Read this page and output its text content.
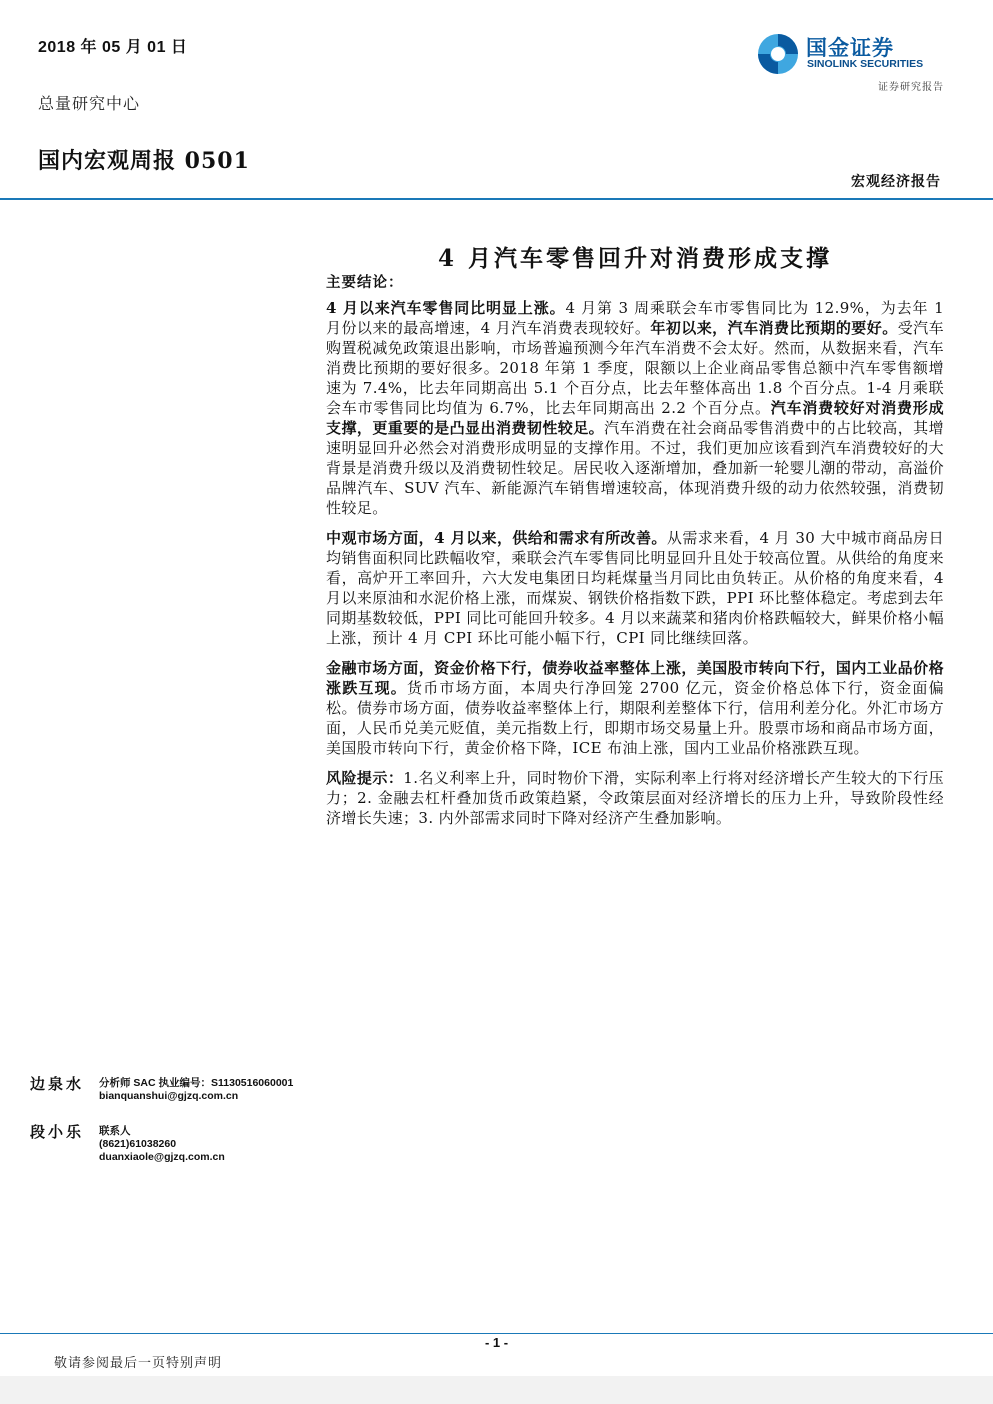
2018 年 05 月 01 日
总量研究中心
国内宏观周报 0501
宏观经济报告
国金证券
SINOLINK SECURITIES
证券研究报告
4 月汽车零售回升对消费形成支撑
主要结论：

4 月以来汽车零售同比明显上涨。4 月第 3 周乘联会车市零售同比为 12.9%，为去年 1 月份以来的最高增速，4 月汽车消费表现较好。年初以来，汽车消费比预期的要好。受汽车购置税减免政策退出影响，市场普遍预测今年汽车消费不会太好。然而，从数据来看，汽车消费比预期的要好很多。2018 年第 1 季度，限额以上企业商品零售总额中汽车零售额增速为 7.4%，比去年同期高出 5.1 个百分点，比去年整体高出 1.8 个百分点。1-4 月乘联会车市零售同比均值为 6.7%，比去年同期高出 2.2 个百分点。汽车消费较好对消费形成支撑，更重要的是凸显出消费韧性较足。汽车消费在社会商品零售消费中的占比较高，其增速明显回升必然会对消费形成明显的支撑作用。不过，我们更加应该看到汽车消费较好的大背景是消费升级以及消费韧性较足。居民收入逐渐增加，叠加新一轮婴儿潮的带动，高溢价品牌汽车、SUV 汽车、新能源汽车销售增速较高，体现消费升级的动力依然较强，消费韧性较足。

中观市场方面，4 月以来，供给和需求有所改善。从需求来看，4 月 30 大中城市商品房日均销售面积同比跌幅收窄，乘联会汽车零售同比明显回升且处于较高位置。从供给的角度来看，高炉开工率回升，六大发电集团日均耗煤量当月同比由负转正。从价格的角度来看，4 月以来原油和水泥价格上涨，而煤炭、钢铁价格指数下跌，PPI 环比整体稳定。考虑到去年同期基数较低，PPI 同比可能回升较多。4 月以来蔬菜和猪肉价格跌幅较大，鲜果价格小幅上涨，预计 4 月 CPI 环比可能小幅下行，CPI 同比继续回落。

金融市场方面，资金价格下行，债券收益率整体上涨，美国股市转向下行，国内工业品价格涨跌互现。货币市场方面，本周央行净回笼 2700 亿元，资金价格总体下行，资金面偏松。债券市场方面，债券收益率整体上行，期限利差整体下行，信用利差分化。外汇市场方面，人民币兑美元贬值，美元指数上行，即期市场交易量上升。股票市场和商品市场方面，美国股市转向下行，黄金价格下降，ICE 布油上涨，国内工业品价格涨跌互现。

风险提示：1.名义利率上升，同时物价下滑，实际利率上行将对经济增长产生较大的下行压力；2. 金融去杠杆叠加货币政策趋紧，令政策层面对经济增长的压力上升，导致阶段性经济增长失速；3. 内外部需求同时下降对经济产生叠加影响。

边泉水 分析师 SAC 执业编号：S1130516060001
bianquanshui@gjzq.com.cn
段小乐 联系人
(8621)61038260
duanxiaole@gjzq.com.cn
- 1 -
敬请参阅最后一页特别声明
